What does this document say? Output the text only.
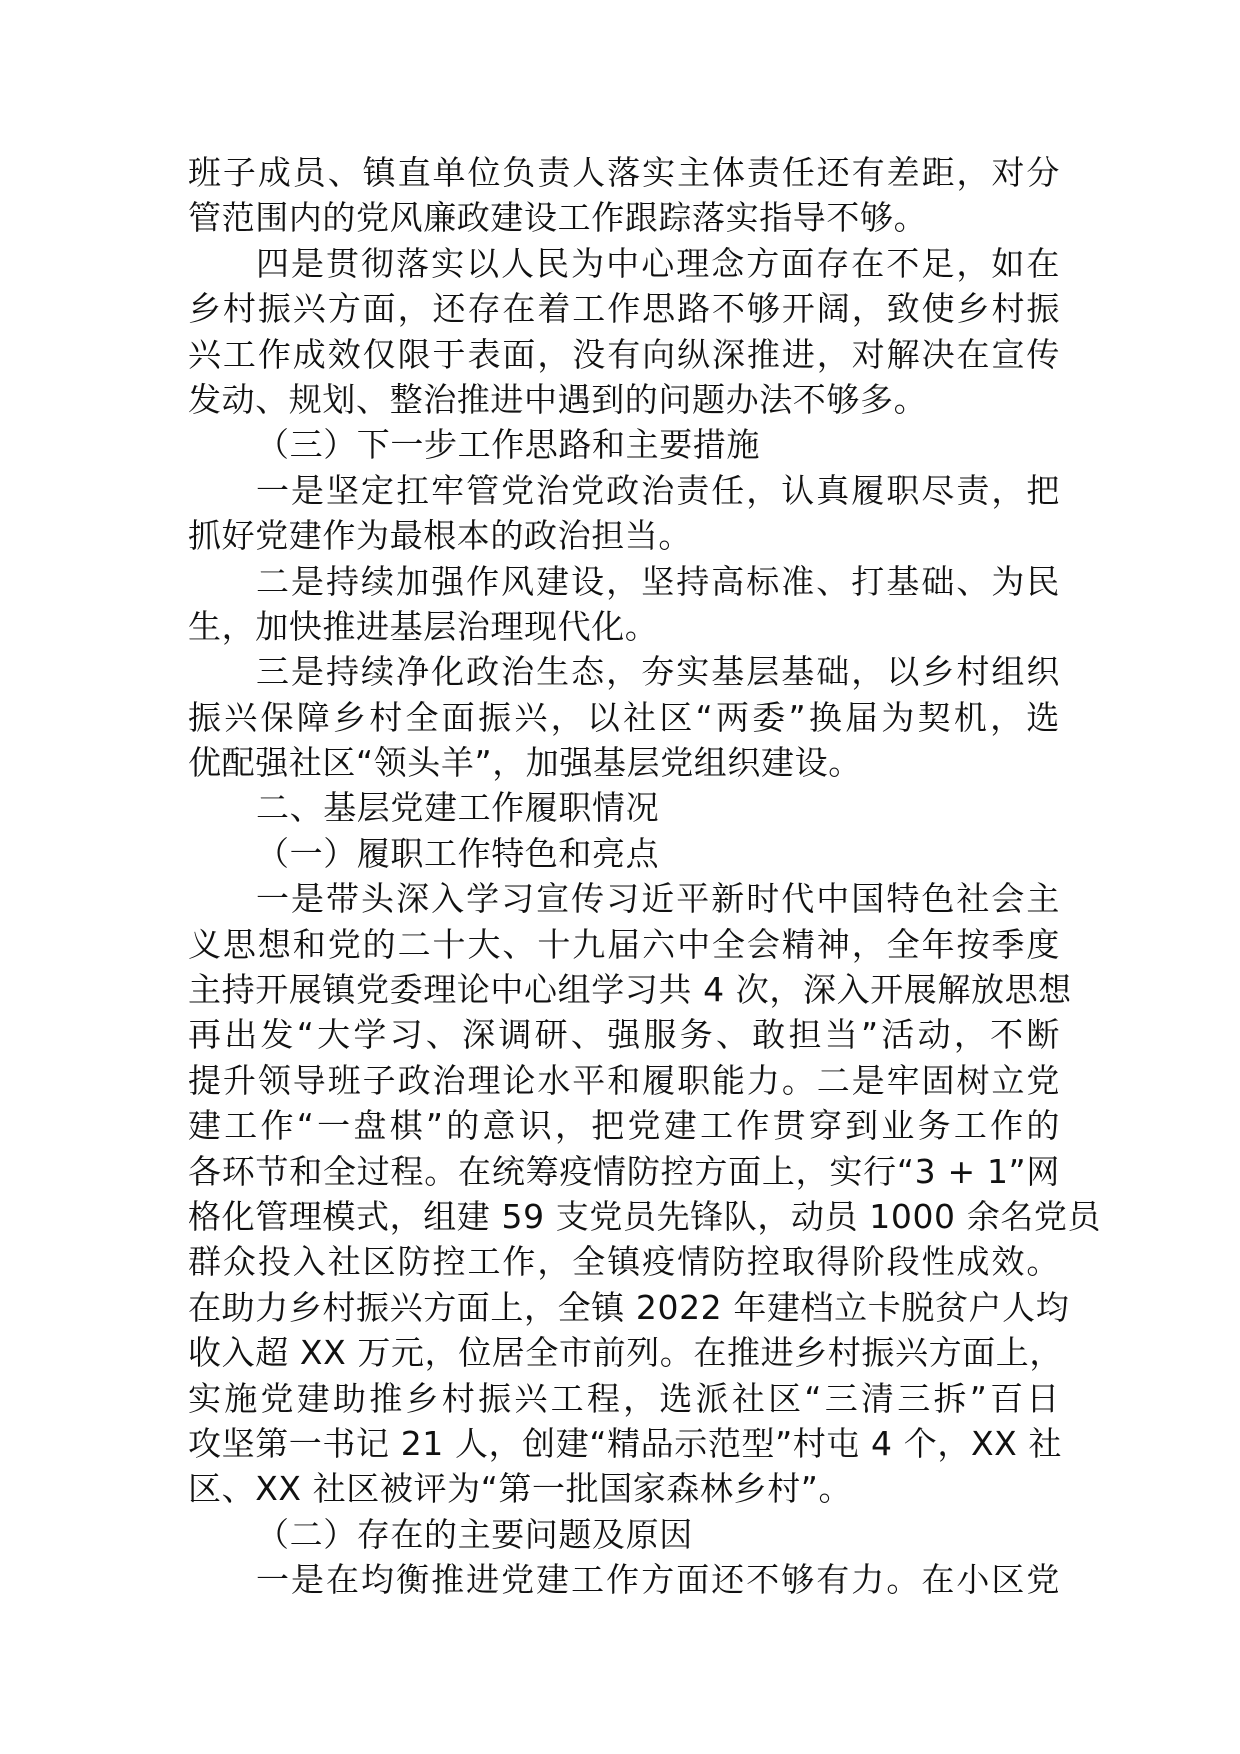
班子成员、镇直单位负责人落实主体责任还有差距，对分
管范围内的党风廉政建设工作跟踪落实指导不够。
四是贯彻落实以人民为中心理念方面存在不足，如在
乡村振兴方面，还存在着工作思路不够开阔，致使乡村振
兴工作成效仅限于表面，没有向纵深推进，对解决在宣传
发动、规划、整治推进中遇到的问题办法不够多。
（三）下一步工作思路和主要措施
一是坚定扛牢管党治党政治责任，认真履职尽责，把
抓好党建作为最根本的政治担当。
二是持续加强作风建设，坚持高标准、打基础、为民
生，加快推进基层治理现代化。
三是持续净化政治生态，夯实基层基础，以乡村组织
振兴保障乡村全面振兴，以社区“两委”换届为契机，选
优配强社区“领头羊”，加强基层党组织建设。
二、基层党建工作履职情况
（一）履职工作特色和亮点
一是带头深入学习宣传习近平新时代中国特色社会主
义思想和党的二十大、十九届六中全会精神，全年按季度
主持开展镇党委理论中心组学习共 4 次，深入开展解放思想
再出发“大学习、深调研、强服务、敢担当”活动，不断
提升领导班子政治理论水平和履职能力。二是牢固树立党
建工作“一盘棋”的意识，把党建工作贯穿到业务工作的
各环节和全过程。在统筹疫情防控方面上，实行“3 + 1”网
格化管理模式，组建 59 支党员先锋队，动员 1000 余名党员
群众投入社区防控工作，全镇疫情防控取得阶段性成效。
在助力乡村振兴方面上，全镇 2022 年建档立卡脱贫户人均
收入超 XX 万元，位居全市前列。在推进乡村振兴方面上，
实施党建助推乡村振兴工程，选派社区“三清三拆”百日
攻坚第一书记 21 人，创建“精品示范型”村屯 4 个，XX 社
区、XX 社区被评为“第一批国家森林乡村”。
（二）存在的主要问题及原因
一是在均衡推进党建工作方面还不够有力。在小区党
